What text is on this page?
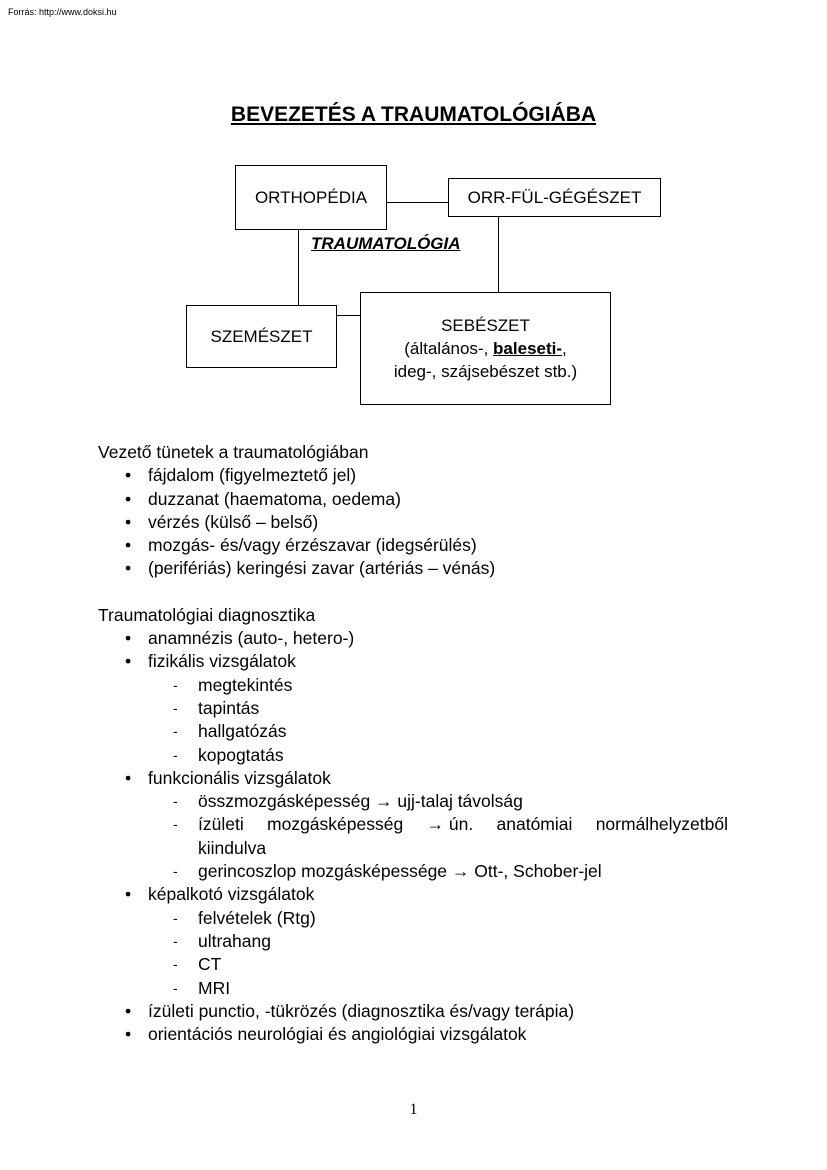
Forrás: http://www.doksi.hu
BEVEZETÉS A TRAUMATOLÓGIÁBA
ORTHOPÉDIA	ORR-FÜL-GÉGÉSZET
TRAUMATOLÓGIA
SZEMÉSZET
SEBÉSZET
(általános-, baleseti-,
ideg-, szájsebészet stb.)
Vezető tünetek a traumatológiában
• fájdalom (figyelmeztető jel)
• duzzanat (haematoma, oedema)
• vérzés (külső – belső)
• mozgás- és/vagy érzészavar (idegsérülés)
• (perifériás) keringési zavar (artériás – vénás)
Traumatológiai diagnosztika
• anamnézis (auto-, hetero-)
• fizikális vizsgálatok
- megtekintés
- tapintás
- hallgatózás
- kopogtatás
• funkcionális vizsgálatok
- összmozgásképesség → ujj-talaj távolság
- ízületi mozgásképesség → ún. anatómiai normálhelyzetből
kiindulva
- gerincoszlop mozgásképessége → Ott-, Schober-jel
• képalkotó vizsgálatok
- felvételek (Rtg)
- ultrahang
- CT
- MRI
• ízületi punctio, -tükrözés (diagnosztika és/vagy terápia)
• orientációs neurológiai és angiológiai vizsgálatok
1
